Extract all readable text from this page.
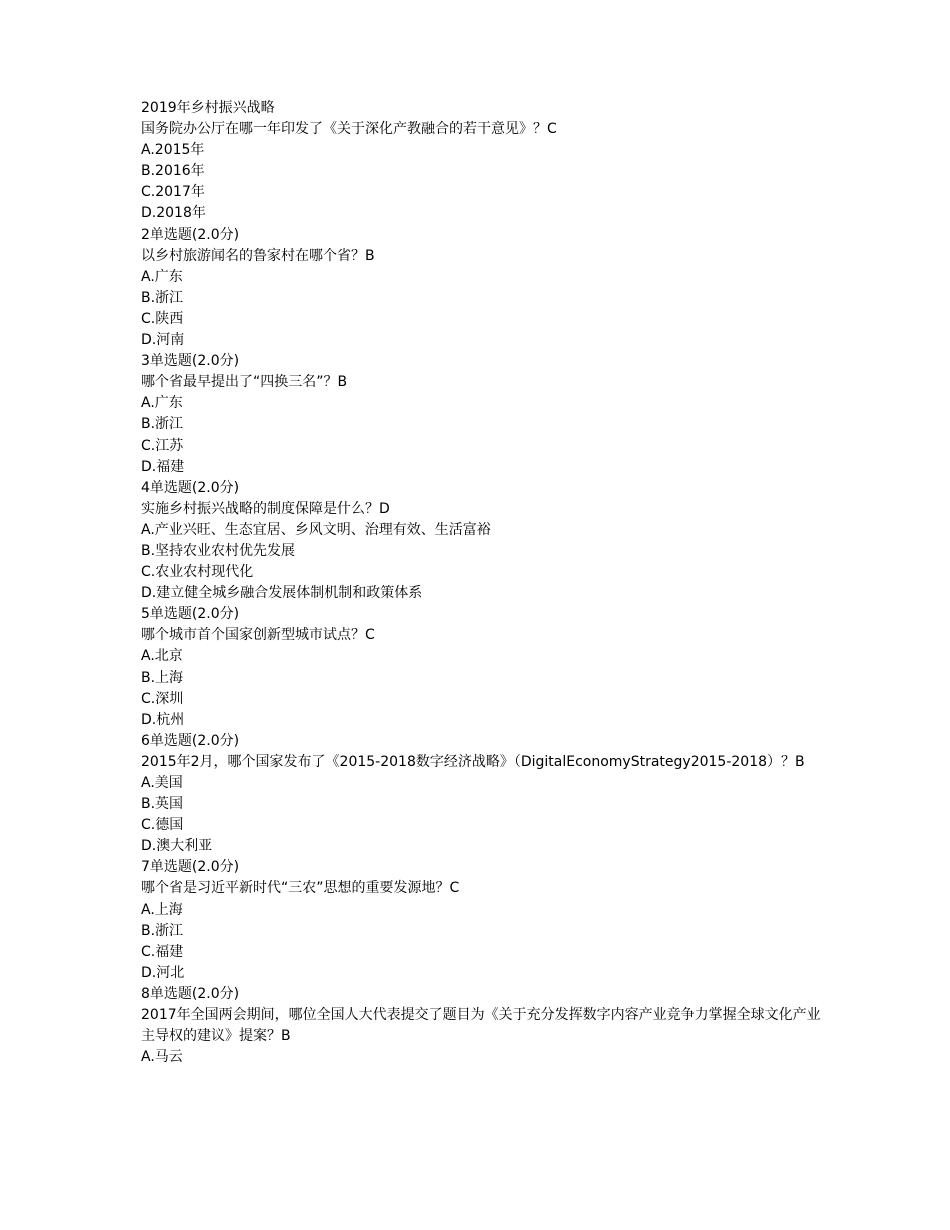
2019年乡村振兴战略
国务院办公厅在哪一年印发了《关于深化产教融合的若干意见》？C
A.2015年
B.2016年
C.2017年
D.2018年
2单选题(2.0分)
以乡村旅游闻名的鲁家村在哪个省？B
A.广东
B.浙江
C.陕西
D.河南
3单选题(2.0分)
哪个省最早提出了“四换三名”？B
A.广东
B.浙江
C.江苏
D.福建
4单选题(2.0分)
实施乡村振兴战略的制度保障是什么？D
A.产业兴旺、生态宜居、乡风文明、治理有效、生活富裕
B.坚持农业农村优先发展
C.农业农村现代化
D.建立健全城乡融合发展体制机制和政策体系
5单选题(2.0分)
哪个城市首个国家创新型城市试点？C
A.北京
B.上海
C.深圳
D.杭州
6单选题(2.0分)
2015年2月，哪个国家发布了《2015-2018数字经济战略》（DigitalEconomyStrategy2015-2018）？B
A.美国
B.英国
C.德国
D.澳大利亚
7单选题(2.0分)
哪个省是习近平新时代“三农”思想的重要发源地？C
A.上海
B.浙江
C.福建
D.河北
8单选题(2.0分)
2017年全国两会期间，哪位全国人大代表提交了题目为《关于充分发挥数字内容产业竞争力掌握全球文化产业主导权的建议》提案？B
A.马云
